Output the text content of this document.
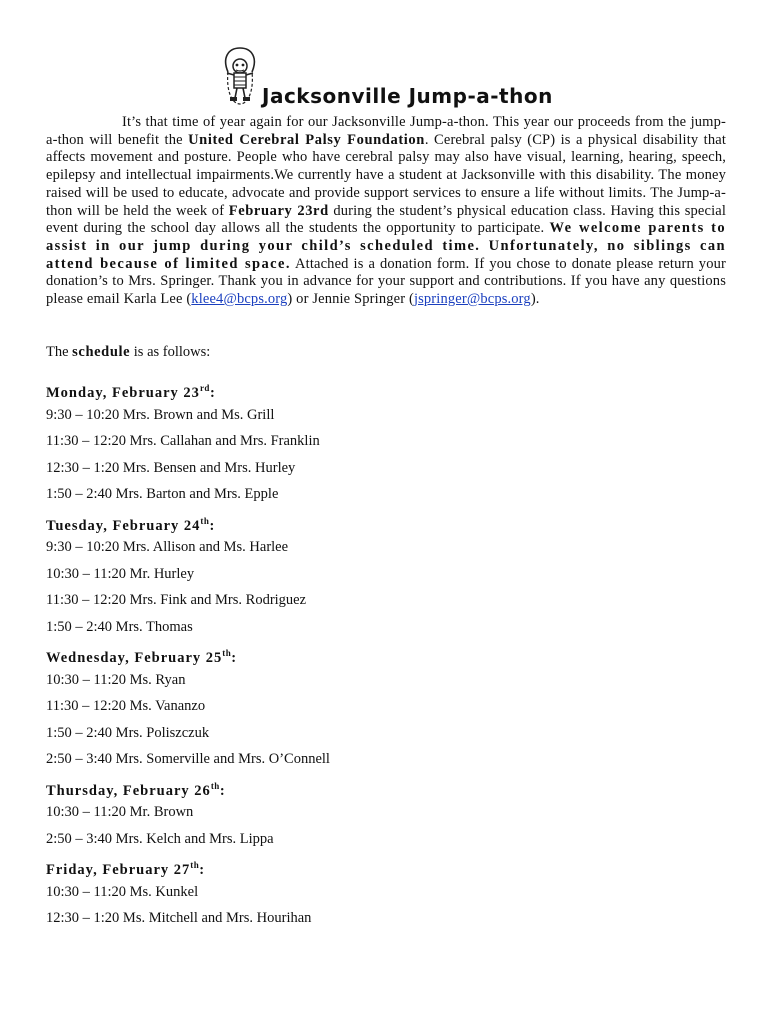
Jacksonville Jump-a-thon

It’s that time of year again for our Jacksonville Jump-a-thon. This year our proceeds from the jump-a-thon will benefit the United Cerebral Palsy Foundation. Cerebral palsy (CP) is a physical disability that affects movement and posture. People who have cerebral palsy may also have visual, learning, hearing, speech, epilepsy and intellectual impairments.We currently have a student at Jacksonville with this disability. The money raised will be used to educate, advocate and provide support services to ensure a life without limits. The Jump-a-thon will be held the week of February 23rd during the student’s physical education class. Having this special event during the school day allows all the students the opportunity to participate. We welcome parents to assist in our jump during your child’s scheduled time. Unfortunately, no siblings can attend because of limited space. Attached is a donation form. If you chose to donate please return your donation’s to Mrs. Springer. Thank you in advance for your support and contributions. If you have any questions please email Karla Lee (klee4@bcps.org) or Jennie Springer (jspringer@bcps.org).

The schedule is as follows:
Monday, February 23rd:
9:30 – 10:20 Mrs. Brown and Ms. Grill
11:30 – 12:20 Mrs. Callahan and Mrs. Franklin
12:30 – 1:20 Mrs. Bensen and Mrs. Hurley
1:50 – 2:40 Mrs. Barton and Mrs. Epple
Tuesday, February 24th:
9:30 – 10:20 Mrs. Allison and Ms. Harlee
10:30 – 11:20 Mr. Hurley
11:30 – 12:20 Mrs. Fink and Mrs. Rodriguez
1:50 – 2:40 Mrs. Thomas
Wednesday, February 25th:
10:30 – 11:20 Ms. Ryan
11:30 – 12:20 Ms. Vananzo
1:50 – 2:40 Mrs. Poliszczuk
2:50 – 3:40 Mrs. Somerville and Mrs. O’Connell
Thursday, February 26th:
10:30 – 11:20 Mr. Brown
2:50 – 3:40 Mrs. Kelch and Mrs. Lippa
Friday, February 27th:
10:30 – 11:20 Ms. Kunkel
12:30 – 1:20 Ms. Mitchell and Mrs. Hourihan
